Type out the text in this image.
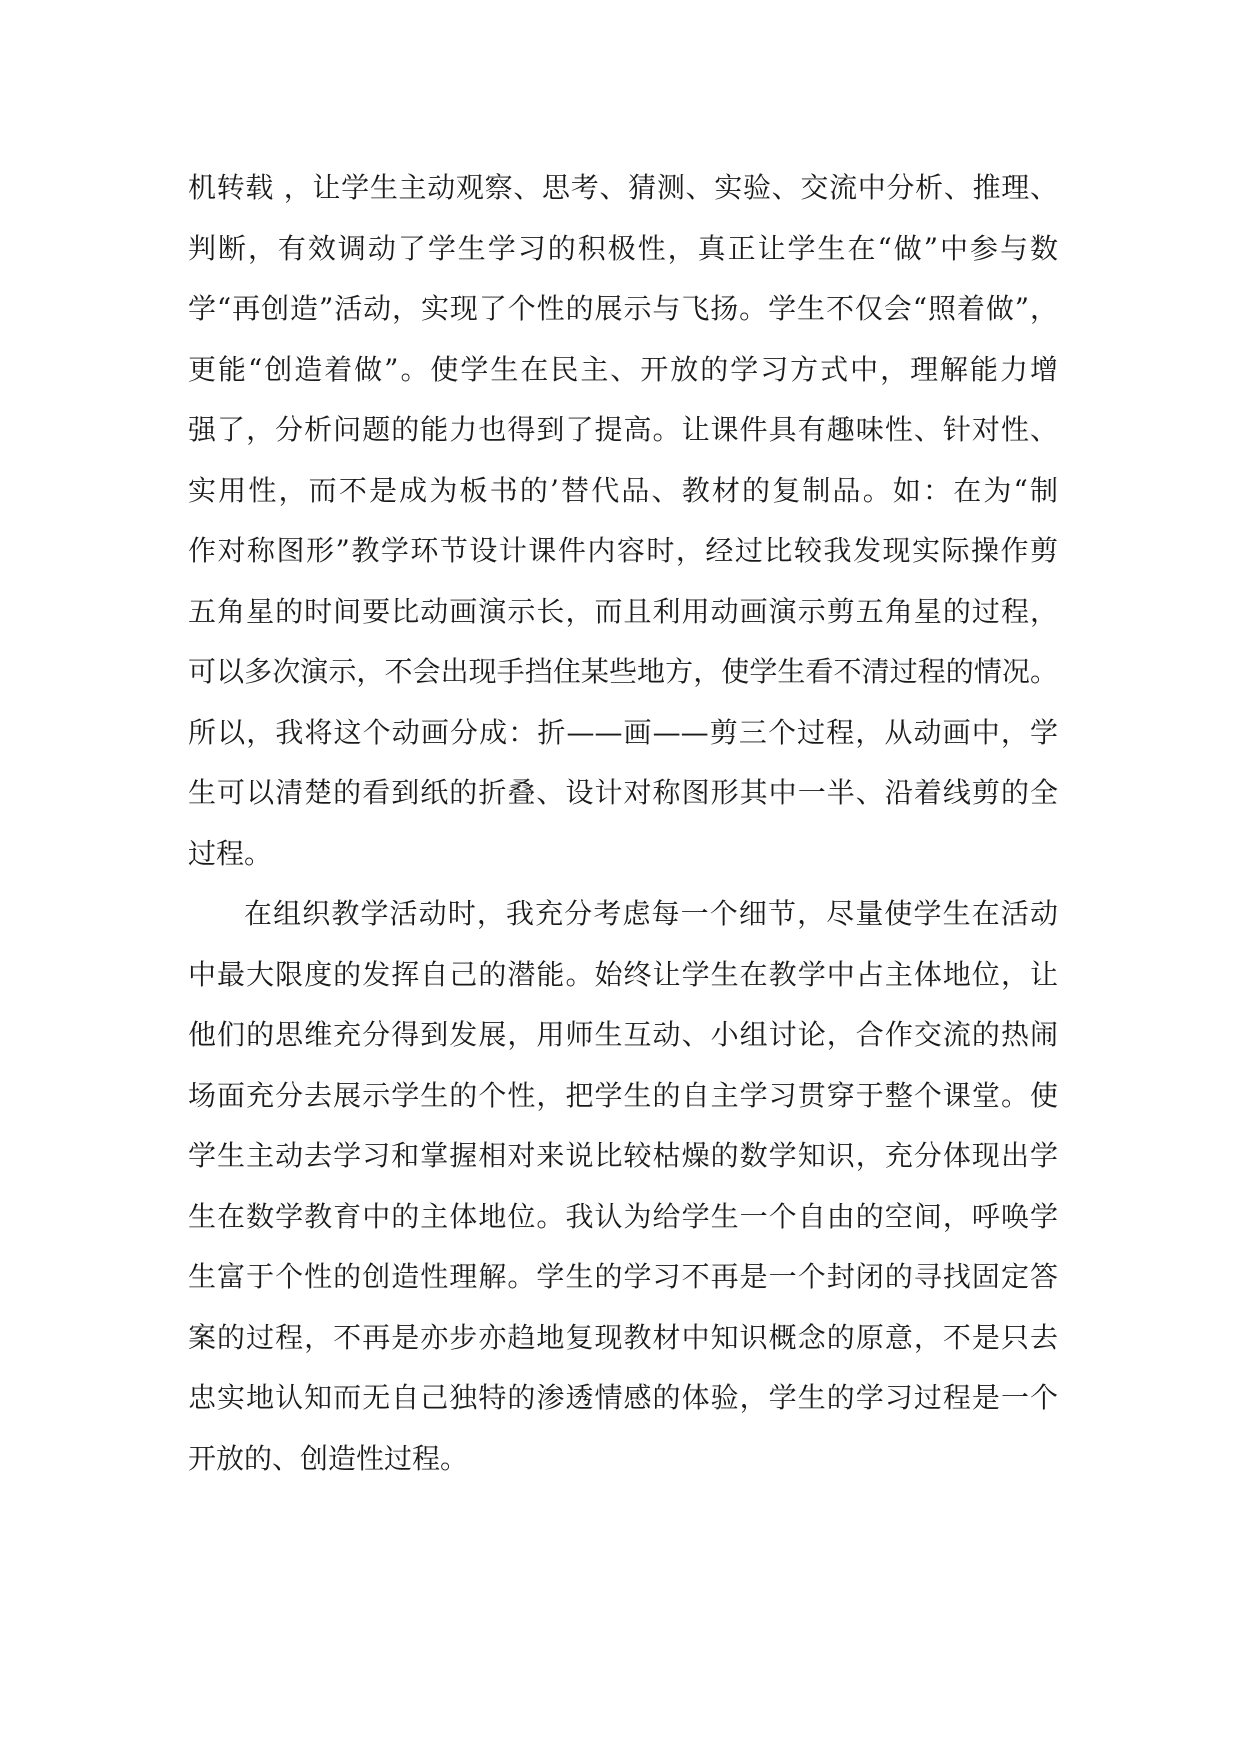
机转载 ，让学生主动观察、思考、猜测、实验、交流中分析、推理、
判断，有效调动了学生学习的积极性，真正让学生在“做”中参与数
学“再创造”活动，实现了个性的展示与飞扬。学生不仅会“照着做”，
更能“创造着做”。使学生在民主、开放的学习方式中，理解能力增
强了，分析问题的能力也得到了提高。让课件具有趣味性、针对性、
实用性，而不是成为板书的’替代品、教材的复制品。如：在为“制
作对称图形”教学环节设计课件内容时，经过比较我发现实际操作剪
五角星的时间要比动画演示长，而且利用动画演示剪五角星的过程，
可以多次演示，不会出现手挡住某些地方，使学生看不清过程的情况。
所以，我将这个动画分成：折——画——剪三个过程，从动画中，学
生可以清楚的看到纸的折叠、设计对称图形其中一半、沿着线剪的全
过程。
在组织教学活动时，我充分考虑每一个细节，尽量使学生在活动
中最大限度的发挥自己的潜能。始终让学生在教学中占主体地位，让
他们的思维充分得到发展，用师生互动、小组讨论，合作交流的热闹
场面充分去展示学生的个性，把学生的自主学习贯穿于整个课堂。使
学生主动去学习和掌握相对来说比较枯燥的数学知识，充分体现出学
生在数学教育中的主体地位。我认为给学生一个自由的空间，呼唤学
生富于个性的创造性理解。学生的学习不再是一个封闭的寻找固定答
案的过程，不再是亦步亦趋地复现教材中知识概念的原意，不是只去
忠实地认知而无自己独特的渗透情感的体验，学生的学习过程是一个
开放的、创造性过程。
